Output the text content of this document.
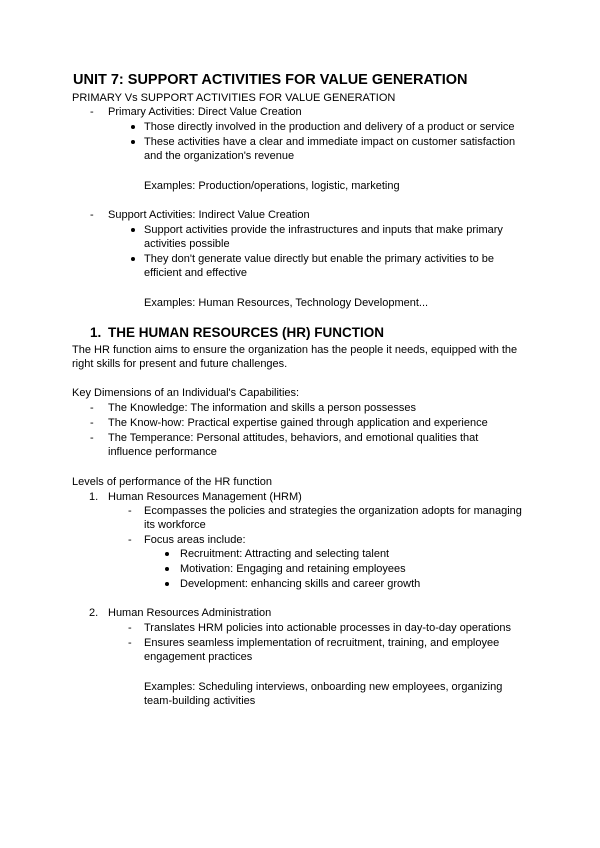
UNIT 7: SUPPORT ACTIVITIES FOR VALUE GENERATION
PRIMARY Vs SUPPORT ACTIVITIES FOR VALUE GENERATION
- Primary Activities: Direct Value Creation
Those directly involved in the production and delivery of a product or service
These activities have a clear and immediate impact on customer satisfaction
and the organization's revenue
Examples: Production/operations, logistic, marketing
- Support Activities: Indirect Value Creation
Support activities provide the infrastructures and inputs that make primary
activities possible
They don't generate value directly but enable the primary activities to be
efficient and effective
Examples: Human Resources, Technology Development...
1. THE HUMAN RESOURCES (HR) FUNCTION
The HR function aims to ensure the organization has the people it needs, equipped with the
right skills for present and future challenges.
Key Dimensions of an Individual's Capabilities:
- The Knowledge: The information and skills a person possesses
- The Know-how: Practical expertise gained through application and experience
- The Temperance: Personal attitudes, behaviors, and emotional qualities that
influence performance
Levels of performance of the HR function
1. Human Resources Management (HRM)
- Ecompasses the policies and strategies the organization adopts for managing
its workforce
- Focus areas include:
Recruitment: Attracting and selecting talent
Motivation: Engaging and retaining employees
Development: enhancing skills and career growth
2. Human Resources Administration
- Translates HRM policies into actionable processes in day-to-day operations
- Ensures seamless implementation of recruitment, training, and employee
engagement practices
Examples: Scheduling interviews, onboarding new employees, organizing
team-building activities
